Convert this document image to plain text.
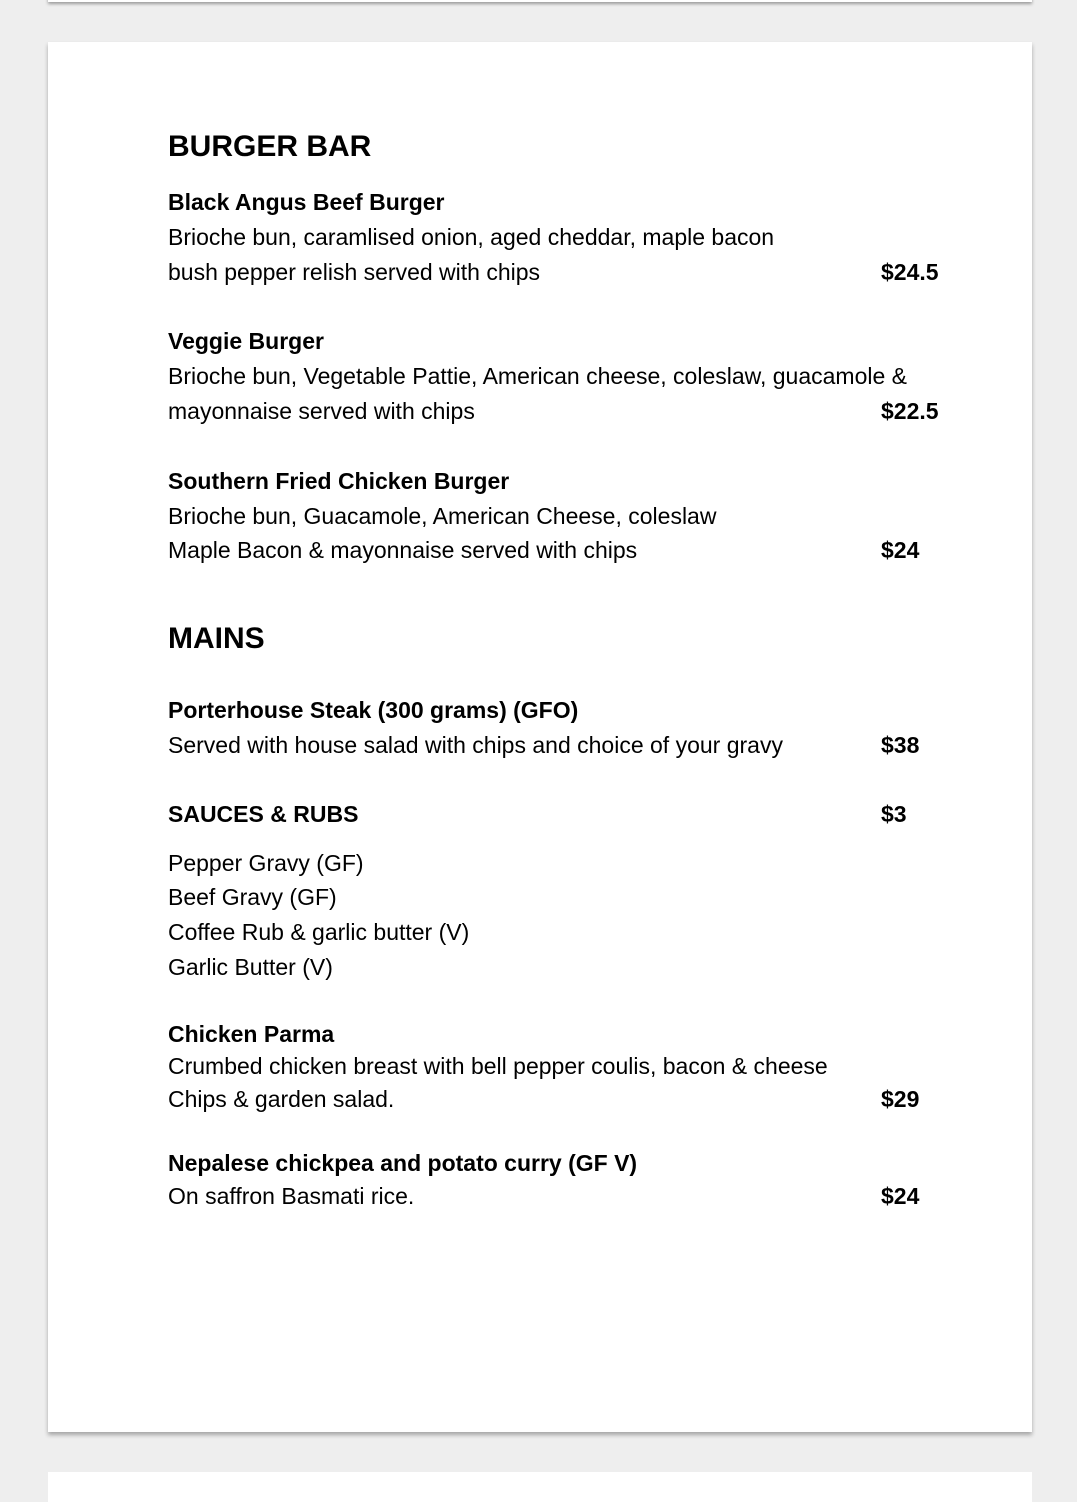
BURGER BAR
Black Angus Beef Burger
Brioche bun, caramlised onion, aged cheddar, maple bacon
bush pepper relish served with chips	$24.5
Veggie Burger
Brioche bun, Vegetable Pattie, American cheese, coleslaw, guacamole &
mayonnaise served with chips	$22.5
Southern Fried Chicken Burger
Brioche bun, Guacamole, American Cheese, coleslaw
Maple Bacon & mayonnaise served with chips	$24
MAINS
Porterhouse Steak (300 grams) (GFO)
Served with house salad with chips and choice of your gravy	$38
SAUCES & RUBS	$3
Pepper Gravy (GF)
Beef Gravy (GF)
Coffee Rub & garlic butter (V)
Garlic Butter (V)
Chicken Parma
Crumbed chicken breast with bell pepper coulis, bacon & cheese
Chips & garden salad.	$29
Nepalese chickpea and potato curry (GF V)
On saffron Basmati rice.	$24
